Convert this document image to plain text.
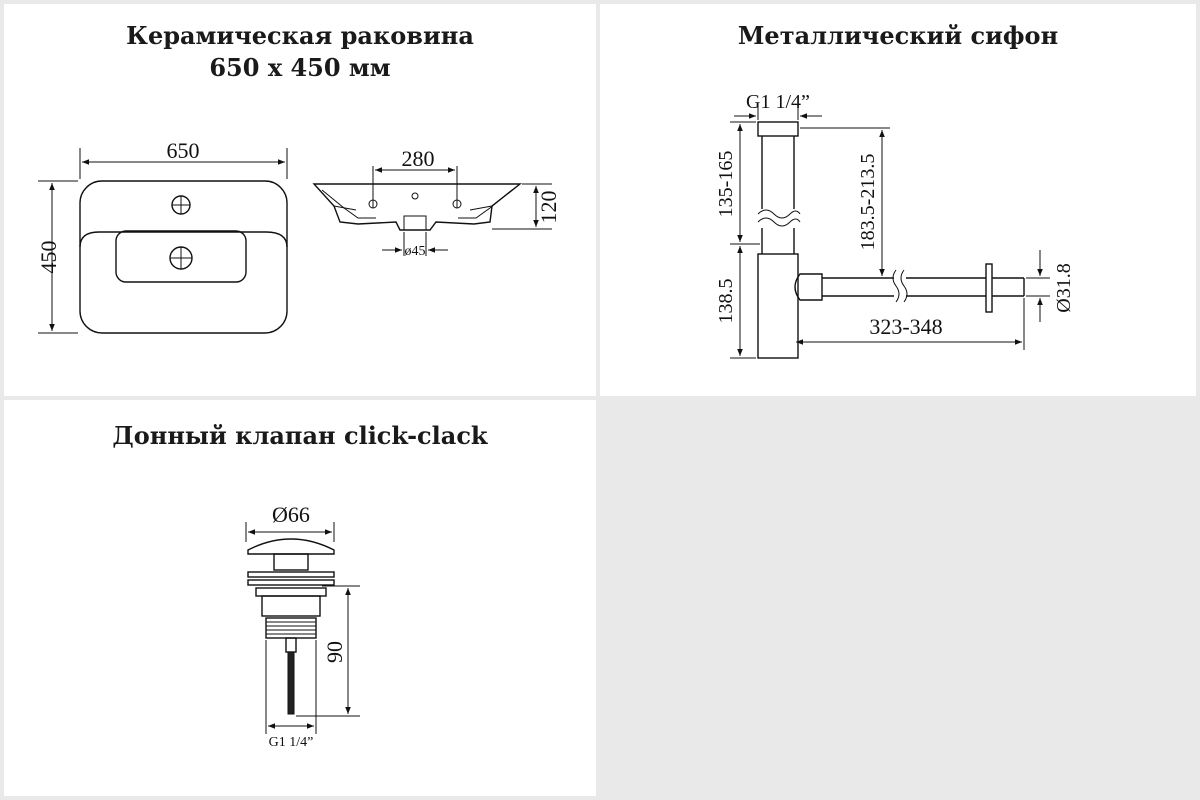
Керамическая раковина
650 х 450 мм
650
450
280
120
ø45
Металлический сифон
G1 1/4”
135-165
138.5
183.5-213.5
323-348
Ø31.8
Донный клапан click-clack
Ø66
90
G1 1/4”
